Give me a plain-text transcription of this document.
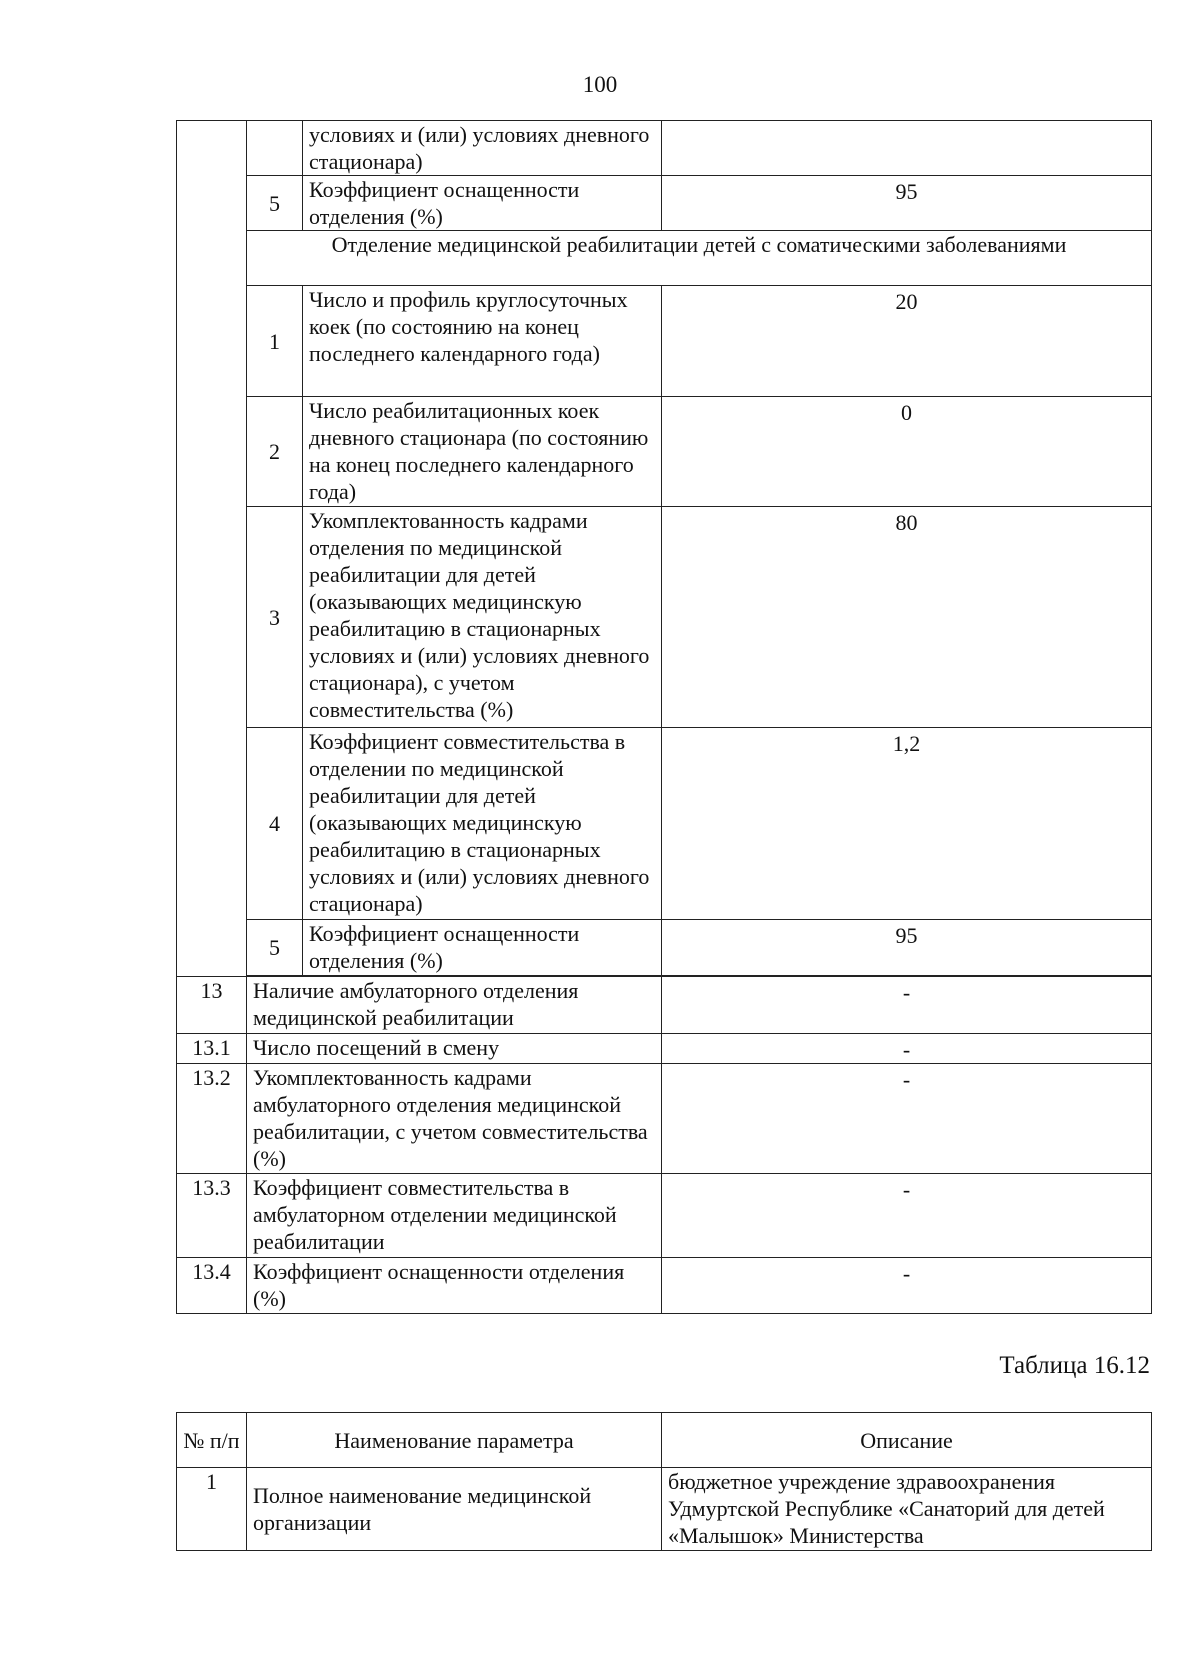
100
		условиях и (или) условиях дневного стационара)	
	5	Коэффициент оснащенности отделения (%)	95
	Отделение медицинской реабилитации детей с соматическими заболеваниями		
	1	Число и профиль круглосуточных коек (по состоянию на конец последнего календарного года)	20
	2	Число реабилитационных коек дневного стационара (по состоянию на конец последнего календарного года)	0
	3	Укомплектованность кадрами отделения по медицинской реабилитации для детей (оказывающих медицинскую реабилитацию в стационарных условиях и (или) условиях дневного стационара), с учетом совместительства (%)	80
	4	Коэффициент совместительства в отделении по медицинской реабилитации для детей (оказывающих медицинскую реабилитацию в стационарных условиях и (или) условиях дневного стационара)	1,2
	5	Коэффициент оснащенности отделения (%)	95

13	Наличие амбулаторного отделения медицинской реабилитации		-
13.1	Число посещений в смену		-
13.2	Укомплектованность кадрами амбулаторного отделения медицинской реабилитации, с учетом совместительства (%)		-
13.3	Коэффициент совместительства в амбулаторном отделении медицинской реабилитации		-
13.4	Коэффициент оснащенности отделения (%)		-
Таблица 16.12
№ п/п	Наименование параметра	Описание
1	Полное наименование медицинской организации	бюджетное учреждение здравоохранения Удмуртской Республике «Санаторий для детей «Малышок» Министерства
